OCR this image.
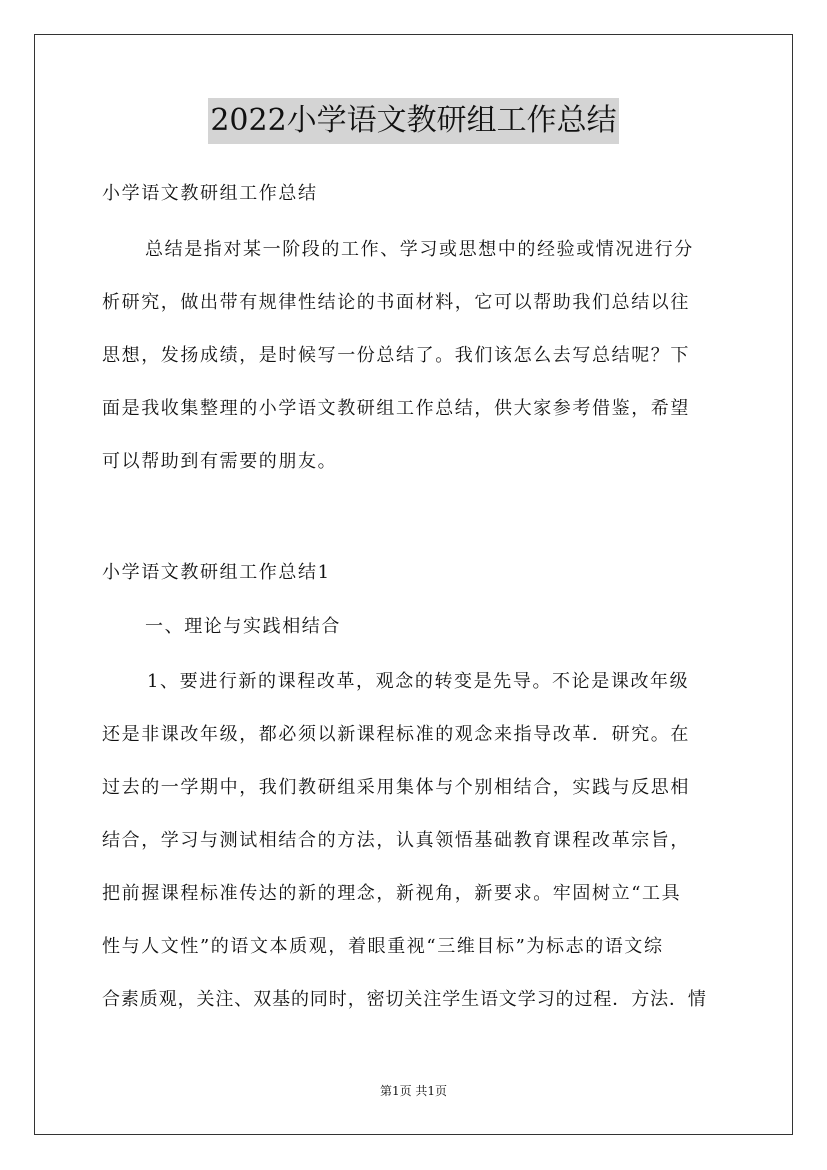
2022小学语文教研组工作总结
小学语文教研组工作总结
总结是指对某一阶段的工作、学习或思想中的经验或情况进行分
析研究，做出带有规律性结论的书面材料，它可以帮助我们总结以往
思想，发扬成绩，是时候写一份总结了。我们该怎么去写总结呢？下
面是我收集整理的小学语文教研组工作总结，供大家参考借鉴，希望
可以帮助到有需要的朋友。
小学语文教研组工作总结1
一、理论与实践相结合
1、要进行新的课程改革，观念的转变是先导。不论是课改年级
还是非课改年级，都必须以新课程标准的观念来指导改革．研究。在
过去的一学期中，我们教研组采用集体与个别相结合，实践与反思相
结合，学习与测试相结合的方法，认真领悟基础教育课程改革宗旨，
把前握课程标准传达的新的理念，新视角，新要求。牢固树立“工具
性与人文性”的语文本质观，着眼重视“三维目标”为标志的语文综
合素质观，关注、双基的同时，密切关注学生语文学习的过程．方法．情
第1页 共1页
